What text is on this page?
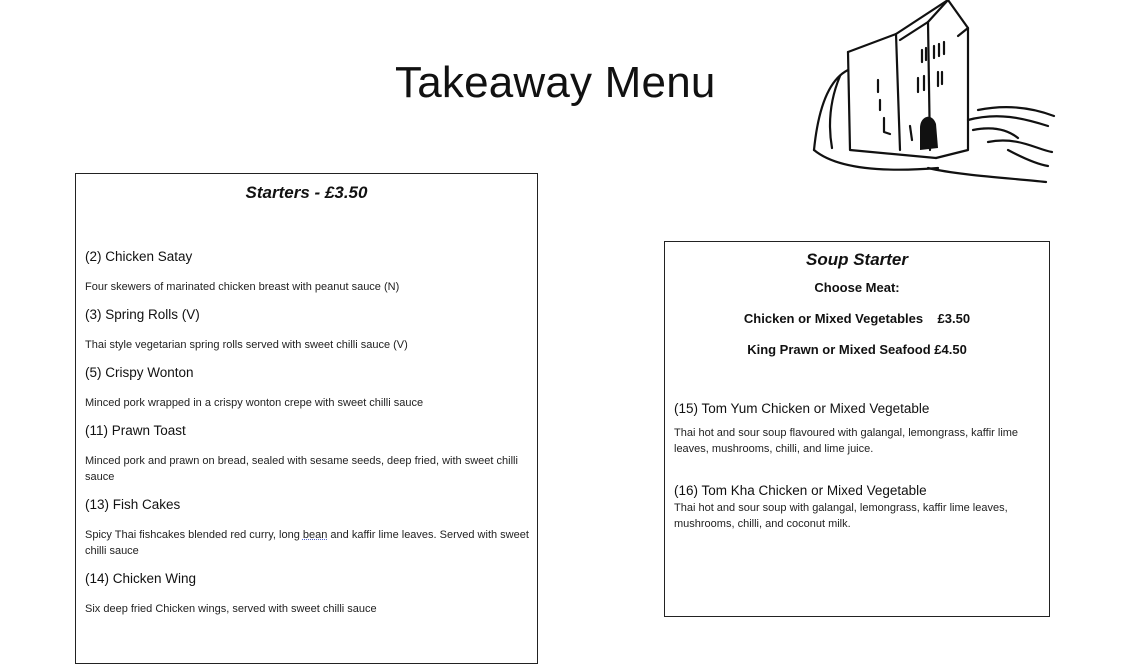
Takeaway Menu
Starters - £3.50
(2) Chicken Satay
Four skewers of marinated chicken breast with peanut sauce (N)
(3) Spring Rolls (V)
Thai style vegetarian spring rolls served with sweet chilli sauce (V)
(5) Crispy Wonton
Minced pork wrapped in a crispy wonton crepe with sweet chilli sauce
(11) Prawn Toast
Minced pork and prawn on bread, sealed with sesame seeds, deep fried, with sweet chilli sauce
(13) Fish Cakes
Spicy Thai fishcakes blended red curry, long bean and kaffir lime leaves. Served with sweet chilli sauce
(14) Chicken Wing
Six deep fried Chicken wings, served with sweet chilli sauce
Soup Starter
Choose Meat:
Chicken or Mixed Vegetables    £3.50
King Prawn or Mixed Seafood £4.50
(15) Tom Yum Chicken or Mixed Vegetable
Thai hot and sour soup flavoured with galangal, lemongrass, kaffir lime leaves, mushrooms, chilli, and lime juice.
(16) Tom Kha Chicken or Mixed Vegetable
Thai hot and sour soup with galangal, lemongrass, kaffir lime leaves, mushrooms, chilli, and coconut milk.
